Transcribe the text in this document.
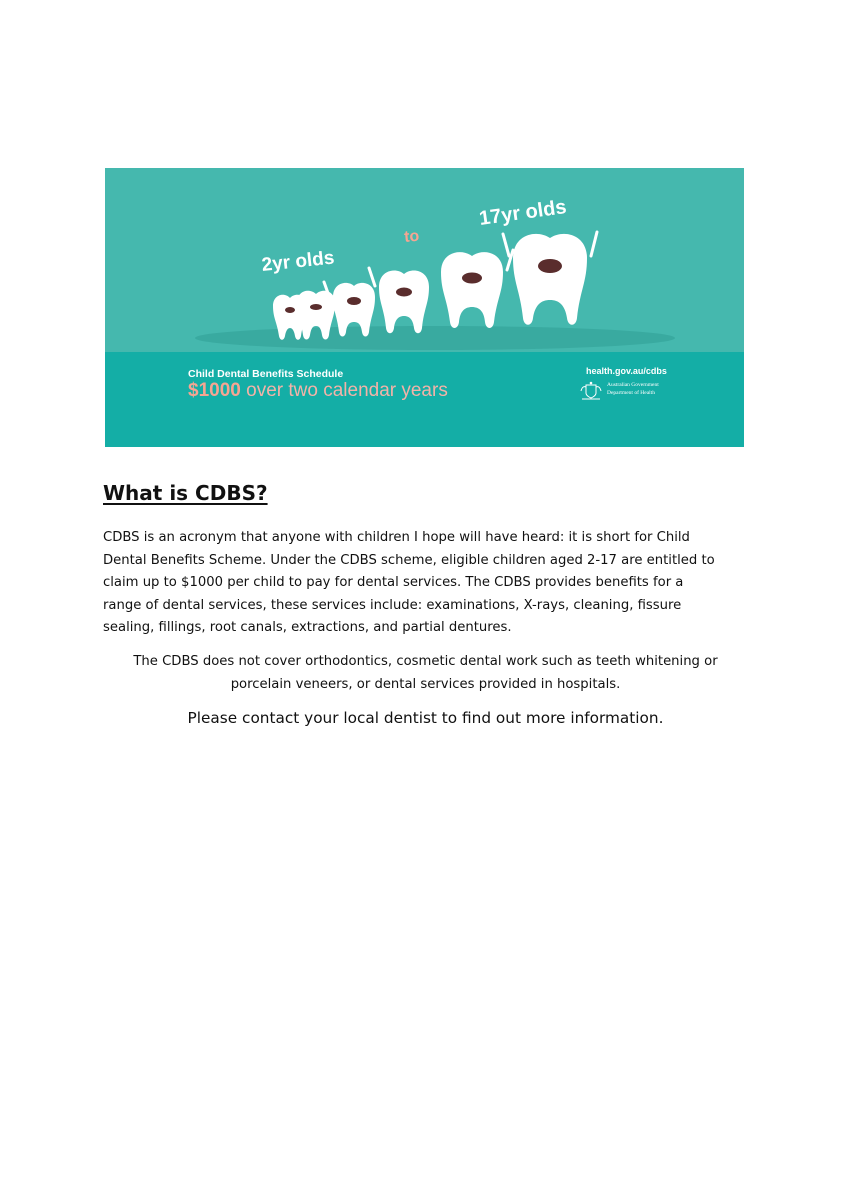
2yr olds
to
17yr olds
Child Dental Benefits Schedule
$1000 over two calendar years
health.gov.au/cdbs
Australian Government
Department of Health
What is CDBS?

CDBS is an acronym that anyone with children I hope will have heard: it is short for Child
Dental Benefits Scheme. Under the CDBS scheme, eligible children aged 2-17 are entitled to
claim up to $1000 per child to pay for dental services. The CDBS provides benefits for a
range of dental services, these services include: examinations, X-rays, cleaning, fissure
sealing, fillings, root canals, extractions, and partial dentures.

The CDBS does not cover orthodontics, cosmetic dental work such as teeth whitening or
porcelain veneers, or dental services provided in hospitals.

Please contact your local dentist to find out more information.
